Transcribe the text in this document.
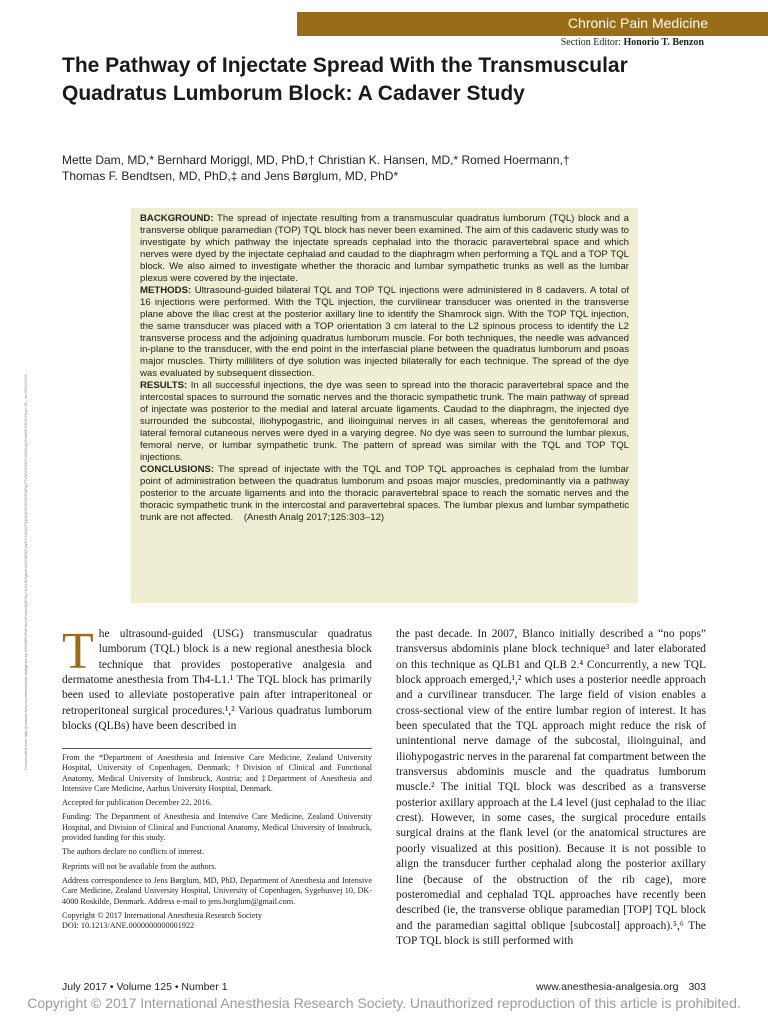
Chronic Pain Medicine
Section Editor: Honorio T. Benzon
The Pathway of Injectate Spread With the Transmuscular Quadratus Lumborum Block: A Cadaver Study
Mette Dam, MD,* Bernhard Moriggl, MD, PhD,† Christian K. Hansen, MD,* Romed Hoermann,†
Thomas F. Bendtsen, MD, PhD,‡ and Jens Børglum, MD, PhD*
Downloaded from http://journals.lww.com/anesthesia-analgesia by BhDMf5ePHKav1zEoum1tQfN4a+kJLhEZgbsIHo4XMi0hCywCX1AWnYQp/IlQrHD3i3D0OdRyi7TvSFl4Cf3VC4/OAVpDDa8KKGKV0Ymy+78= on 09/11/2022

BACKGROUND: The spread of injectate resulting from a transmuscular quadratus lumborum (TQL) block and a transverse oblique paramedian (TOP) TQL block has never been examined. The aim of this cadaveric study was to investigate by which pathway the injectate spreads cephalad into the thoracic paravertebral space and which nerves were dyed by the injectate cephalad and caudad to the diaphragm when performing a TQL and a TOP TQL block. We also aimed to investigate whether the thoracic and lumbar sympathetic trunks as well as the lumbar plexus were covered by the injectate.

METHODS: Ultrasound-guided bilateral TQL and TOP TQL injections were administered in 8 cadavers. A total of 16 injections were performed. With the TQL injection, the curvilinear transducer was oriented in the transverse plane above the iliac crest at the posterior axillary line to identify the Shamrock sign. With the TOP TQL injection, the same transducer was placed with a TOP orientation 3 cm lateral to the L2 spinous process to identify the L2 transverse process and the adjoining quadratus lumborum muscle. For both techniques, the needle was advanced in-plane to the transducer, with the end point in the interfascial plane between the quadratus lumborum and psoas major muscles. Thirty milliliters of dye solution was injected bilaterally for each technique. The spread of the dye was evaluated by subsequent dissection.

RESULTS: In all successful injections, the dye was seen to spread into the thoracic paravertebral space and the intercostal spaces to surround the somatic nerves and the thoracic sympathetic trunk. The main pathway of spread of injectate was posterior to the medial and lateral arcuate ligaments. Caudad to the diaphragm, the injected dye surrounded the subcostal, iliohypogastric, and ilioinguinal nerves in all cases, whereas the genitofemoral and lateral femoral cutaneous nerves were dyed in a varying degree. No dye was seen to surround the lumbar plexus, femoral nerve, or lumbar sympathetic trunk. The pattern of spread was similar with the TQL and TOP TQL injections.

CONCLUSIONS: The spread of injectate with the TQL and TOP TQL approaches is cephalad from the lumbar point of administration between the quadratus lumborum and psoas major muscles, predominantly via a pathway posterior to the arcuate ligaments and into the thoracic paravertebral space to reach the somatic nerves and the thoracic sympathetic trunk in the intercostal and paravertebral spaces. The lumbar plexus and lumbar sympathetic trunk are not affected.    (Anesth Analg 2017;125:303–12)

T he ultrasound-guided (USG) transmuscular quadratus lumborum (TQL) block is a new regional anesthesia block technique that provides postoperative analgesia and dermatome anesthesia from Th4-L1.¹ The TQL block has primarily been used to alleviate postoperative pain after intraperitoneal or retroperitoneal surgical procedures.¹,² Various quadratus lumborum blocks (QLBs) have been described in

the past decade. In 2007, Blanco initially described a “no pops” transversus abdominis plane block technique³ and later elaborated on this technique as QLB1 and QLB 2.⁴ Concurrently, a new TQL block approach emerged,¹,² which uses a posterior needle approach and a curvilinear transducer. The large field of vision enables a cross-sectional view of the entire lumbar region of interest. It has been speculated that the TQL approach might reduce the risk of unintentional nerve damage of the subcostal, ilioinguinal, and iliohypogastric nerves in the pararenal fat compartment between the transversus abdominis muscle and the quadratus lumborum muscle.² The initial TQL block was described as a transverse posterior axillary approach at the L4 level (just cephalad to the iliac crest). However, in some cases, the surgical procedure entails surgical drains at the flank level (or the anatomical structures are poorly visualized at this position). Because it is not possible to align the transducer further cephalad along the posterior axillary line (because of the obstruction of the rib cage), more posteromedial and cephalad TQL approaches have recently been described (ie, the transverse oblique paramedian [TOP] TQL block and the paramedian sagittal oblique [subcostal] approach).⁵,⁶ The TOP TQL block is still performed with

From the *Department of Anesthesia and Intensive Care Medicine, Zealand University Hospital, University of Copenhagen, Denmark; †Division of Clinical and Functional Anatomy, Medical University of Innsbruck, Austria; and ‡Department of Anesthesia and Intensive Care Medicine, Aarhus University Hospital, Denmark.

Accepted for publication December 22, 2016.

Funding: The Department of Anesthesia and Intensive Care Medicine, Zealand University Hospital, and Division of Clinical and Functional Anatomy, Medical University of Innsbruck, provided funding for this study.

The authors declare no conflicts of interest.

Reprints will not be available from the authors.

Address correspondence to Jens Børglum, MD, PhD, Department of Anesthesia and Intensive Care Medicine, Zealand University Hospital, University of Copenhagen, Sygehusvej 10, DK-4000 Roskilde, Denmark. Address e-mail to jens.borglum@gmail.com.

Copyright © 2017 International Anesthesia Research Society

DOI: 10.1213/ANE.0000000000001922

July 2017 • Volume 125 • Number 1	www.anesthesia-analgesia.org 303
Copyright © 2017 International Anesthesia Research Society. Unauthorized reproduction of this article is prohibited.
